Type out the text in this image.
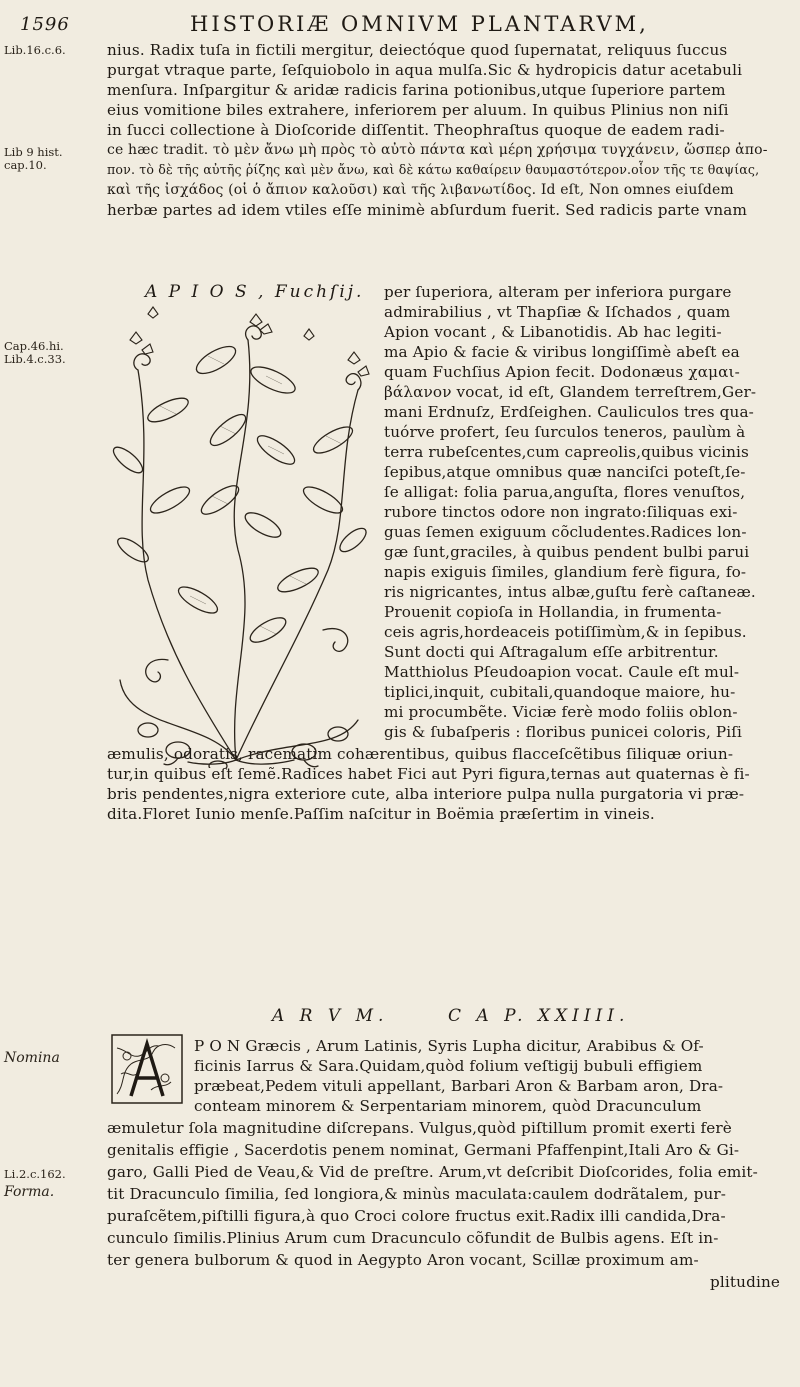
1596	HISTORIÆ OMNIVM PLANTARVM,
Lib.16.c.6.
Lib 9 hist. cap.10.
Cap.46.hi. Lib.4.c.33.
Nomina
Li.2.c.162.
Forma.
nius. Radix tuſa in fictili mergitur, deiectóque quod ſupernatat, reliquus ſuccus
purgat vtraque parte, ſeſquiobolo in aqua mulſa.Sic & hydropicis datur acetabuli
menſura. Inſpargitur & aridæ radicis farina potionibus,utque ſuperiore partem
eius vomitione biles extrahere, inferiorem per aluum. In quibus Plinius non niſi
in ſucci collectione à Dioſcoride diſſentit. Theophraſtus quoque de eadem radi-
ce hæc tradit. τὸ μὲν ἄνω μὴ πρὸς τὸ αὐτὸ πάντα καὶ μέρη χρήσιμα τυγχάνειν, ὥσπερ ἀπο-
πον. τὸ δὲ τῆς αὐτῆς ῥίζης καὶ μὲν ἄνω, καὶ δὲ κάτω καθαίρειν θαυμαστότερον.οἷον τῆς τε θαψίας,
καὶ τῆς ἰσχάδος (οἱ ὁ ἄπιον καλοῦσι) καὶ τῆς λιβανωτίδος. Id eſt, Non omnes eiuſdem
herbæ partes ad idem vtiles eſſe minimè abſurdum fuerit. Sed radicis parte vnam
A P I O S , Fuchſij. per ſuperiora, alteram per inferiora purgare
admirabilius , vt Thapſiæ & Iſchados , quam
Apion vocant , & Libanotidis. Ab hac legiti-
ma Apio & facie & viribus longiſſimè abeſt ea
quam Fuchſius Apion fecit. Dodonæus χαμαι-
βάλανον vocat, id eſt, Glandem terreſtrem,Ger-
mani Erdnuſz, Erdſeighen. Cauliculos tres qua-
tuórve profert, ſeu ſurculos teneros, paulùm à
terra rubeſcentes,cum capreolis,quibus vicinis
ſepibus,atque omnibus quæ nanciſci poteſt,ſe-
ſe alligat: folia parua,anguſta, flores venuſtos,
rubore tinctos odore non ingrato:ſiliquas exi-
guas ſemen exiguum cõcludentes.Radices lon-
gæ ſunt,graciles, à quibus pendent bulbi parui
napis exiguis ſimiles, glandium ferè figura, fo-
ris nigricantes, intus albæ,guſtu ferè caſtaneæ.
Prouenit copioſa in Hollandia, in frumenta-
ceis agris,hordeaceis potiſſimùm,& in ſepibus.
Sunt docti qui Aſtragalum eſſe arbitrentur.
Matthiolus Pſeudoapion vocat. Caule eſt mul-
tiplici,inquit, cubitali,quandoque maiore, hu-
mi procumbẽte. Viciæ ferè modo foliis oblon-
gis & ſubaſperis : floribus punicei coloris, Piſi
æmulis, odoratis, racematim cohærentibus, quibus flacceſcẽtibus ſiliquæ oriun-
tur,in quibus eſt ſemẽ.Radices habet Fici aut Pyri figura,ternas aut quaternas è fi-
bris pendentes,nigra exteriore cute, alba interiore pulpa nulla purgatoria vi præ-
dita.Floret Iunio menſe.Paſſim naſcitur in Boëmia præſertim in vineis.
A R V M.	C A P. XXIIII.
P O N Græcis , Arum Latinis, Syris Lupha dicitur, Arabibus & Of-
ficinis Iarrus & Sara.Quidam,quòd folium veſtigij bubuli effigiem
præbeat,Pedem vituli appellant, Barbari Aron & Barbam aron, Dra-
conteam minorem & Serpentariam minorem, quòd Dracunculum
æmuletur ſola magnitudine diſcrepans. Vulgus,quòd piſtillum promit exerti ferè
genitalis effigie , Sacerdotis penem nominat, Germani Pfaffenpint,Itali Aro & Gi-
garo, Galli Pied de Veau,& Vid de preſtre. Arum,vt deſcribit Dioſcorides, folia emit-
tit Dracunculo ſimilia, ſed longiora,& minùs maculata:caulem dodrãtalem, pur-
puraſcẽtem,piſtilli figura,à quo Croci colore fructus exit.Radix illi candida,Dra-
cunculo ſimilis.Plinius Arum cum Dracunculo cõfundit de Bulbis agens. Eſt in-
ter genera bulborum & quod in Aegypto Aron vocant, Scillæ proximum am-
plitudine
